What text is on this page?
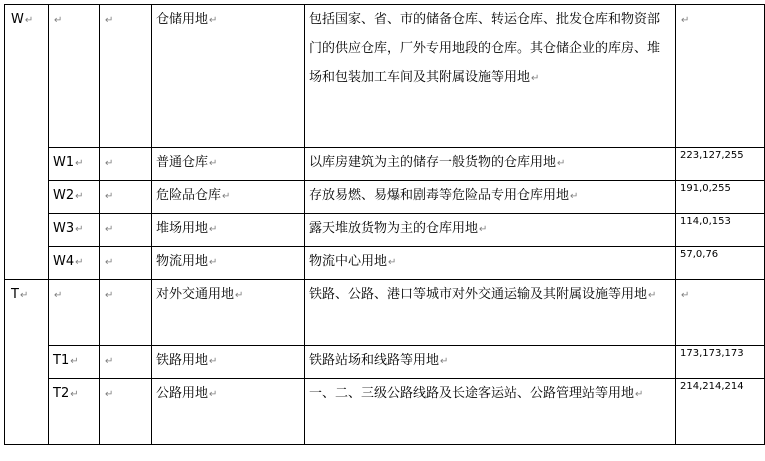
W↵	↵	↵	仓储用地↵	包括国家、省、市的储备仓库、转运仓库、批发仓库和物资部门的供应仓库，厂外专用地段的仓库。其仓储企业的库房、堆场和包装加工车间及其附属设施等用地↵	↵
	W1↵	↵	普通仓库↵	以库房建筑为主的储存一般货物的仓库用地↵	223,127,255

	W2↵	↵	危险品仓库↵	存放易燃、易爆和剧毒等危险品专用仓库用地↵	191,0,255

	W3↵	↵	堆场用地↵	露天堆放货物为主的仓库用地↵	114,0,153

	W4↵	↵	物流用地↵	物流中心用地↵	57,0,76

T↵	↵	↵	对外交通用地↵	铁路、公路、港口等城市对外交通运输及其附属设施等用地↵	↵
	T1↵	↵	铁路用地↵	铁路站场和线路等用地↵	173,173,173

	T2↵	↵	公路用地↵	一、二、三级公路线路及长途客运站、公路管理站等用地↵	214,214,214
